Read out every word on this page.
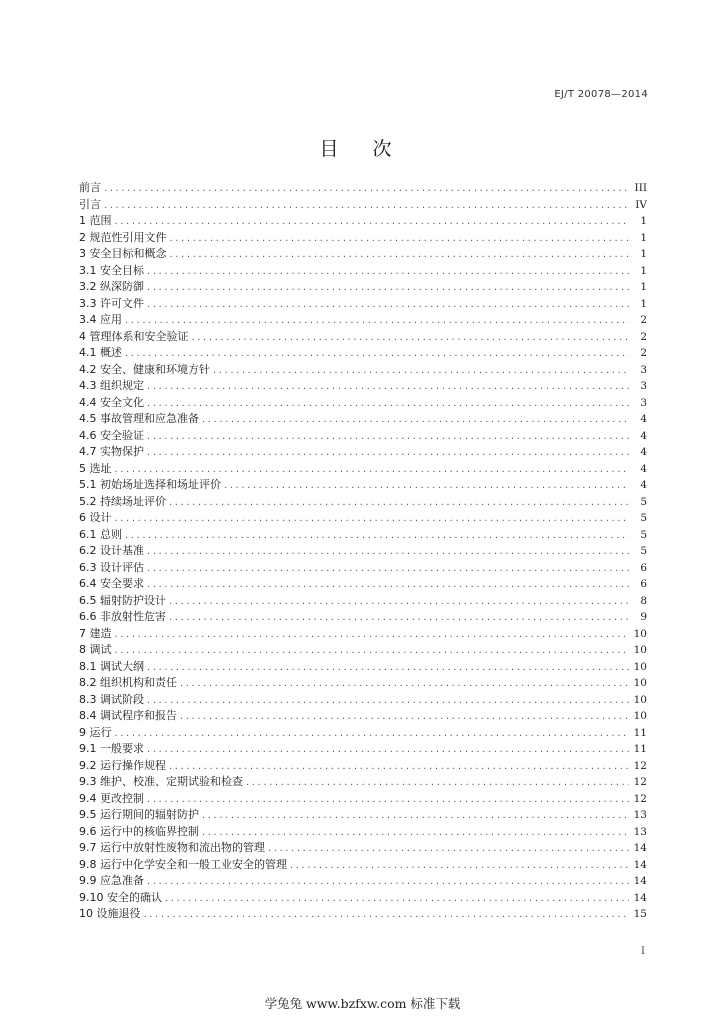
EJ/T 20078—2014
目 次
前言 .....	III
引言 .....	IV
1 范围 .....	1
2 规范性引用文件 .....	1
3 安全目标和概念 .....	1
3.1 安全目标 .....	1
3.2 纵深防御 .....	1
3.3 许可文件 .....	1
3.4 应用 .....	2
4 管理体系和安全验证 .....	2
4.1 概述 .....	2
4.2 安全、健康和环境方针 .....	3
4.3 组织规定 .....	3
4.4 安全文化 .....	3
4.5 事故管理和应急准备 .....	4
4.6 安全验证 .....	4
4.7 实物保护 .....	4
5 选址 .....	4
5.1 初始场址选择和场址评价 .....	4
5.2 持续场址评价 .....	5
6 设计 .....	5
6.1 总则 .....	5
6.2 设计基准 .....	5
6.3 设计评估 .....	6
6.4 安全要求 .....	6
6.5 辐射防护设计 .....	8
6.6 非放射性危害 .....	9
7 建造 .....	10
8 调试 .....	10
8.1 调试大纲 .....	10
8.2 组织机构和责任 .....	10
8.3 调试阶段 .....	10
8.4 调试程序和报告 .....	10
9 运行 .....	11
9.1 一般要求 .....	11
9.2 运行操作规程 .....	12
9.3 维护、校准、定期试验和检查 .....	12
9.4 更改控制 .....	12
9.5 运行期间的辐射防护 .....	13
9.6 运行中的核临界控制 .....	13
9.7 运行中放射性废物和流出物的管理 .....	14
9.8 运行中化学安全和一般工业安全的管理 .....	14
9.9 应急准备 .....	14
9.10 安全的确认 .....	14
10 设施退役 .....	15
I
学兔兔 www.bzfxw.com 标准下载
